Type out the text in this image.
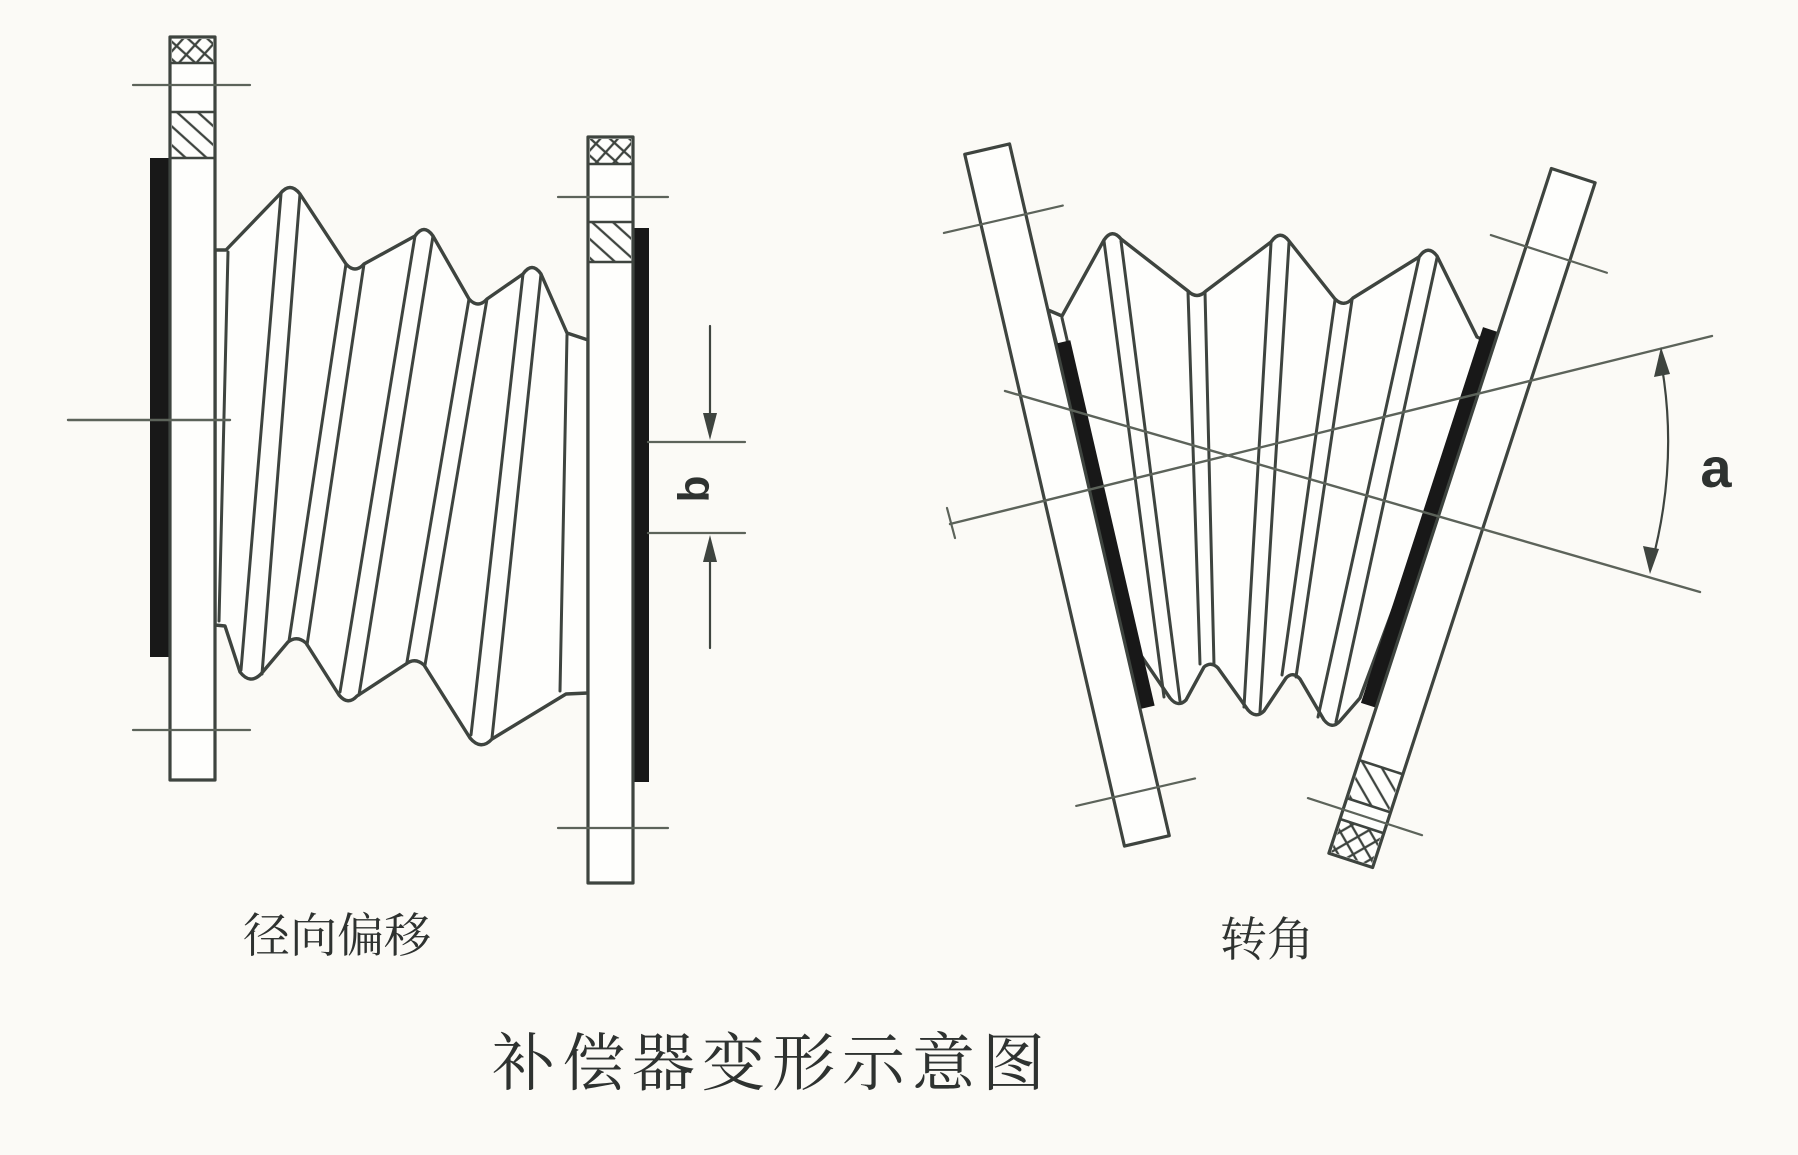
b
径向偏移
a
转角
补偿器变形示意图
